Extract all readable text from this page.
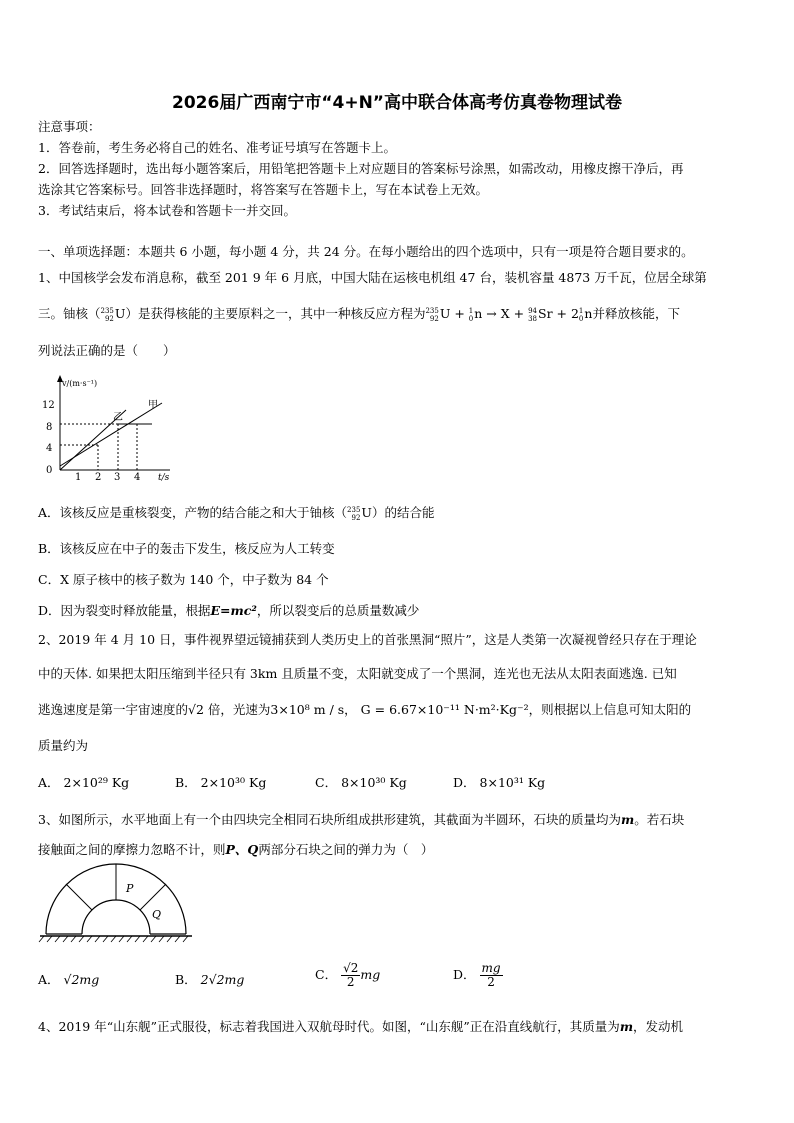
2026届广西南宁市“4+N”高中联合体高考仿真卷物理试卷
注意事项：
1．答卷前，考生务必将自己的姓名、准考证号填写在答题卡上。
2．回答选择题时，选出每小题答案后，用铅笔把答题卡上对应题目的答案标号涂黑，如需改动，用橡皮擦干净后，再
选涂其它答案标号。回答非选择题时，将答案写在答题卡上，写在本试卷上无效。
3．考试结束后，将本试卷和答题卡一并交回。
一、单项选择题：本题共 6 小题，每小题 4 分，共 24 分。在每小题给出的四个选项中，只有一项是符合题目要求的。
1、中国核学会发布消息称，截至 201 9 年 6 月底，中国大陆在运核电机组 47 台，装机容量 4873 万千瓦，位居全球第
三。铀核（235
92U）是获得核能的主要原料之一，其中一种核反应方程为235
92U + 1
0n → X + 94
38Sr + 21
0n并释放核能，下
列说法正确的是（　　）
v/(m·s⁻¹)
t/s
12
8
4
0
1 2 3 4
甲
乙
A．该核反应是重核裂变，产物的结合能之和大于铀核（235
92U）的结合能
B．该核反应在中子的轰击下发生，核反应为人工转变
C．X 原子核中的核子数为 140 个，中子数为 84 个
D．因为裂变时释放能量，根据E=mc²，所以裂变后的总质量数减少
2、2019 年 4 月 10 日，事件视界望远镜捕获到人类历史上的首张黑洞“照片”，这是人类第一次凝视曾经只存在于理论
中的天体. 如果把太阳压缩到半径只有 3km 且质量不变，太阳就变成了一个黑洞，连光也无法从太阳表面逃逸. 已知
逃逸速度是第一宇宙速度的√2 倍，光速为3×10⁸ m / s， G = 6.67×10⁻¹¹ N·m²·Kg⁻²，则根据以上信息可知太阳的
质量约为
A． 2×10²⁹ Kg	B． 2×10³⁰ Kg	C． 8×10³⁰ Kg	D． 8×10³¹ Kg
3、如图所示，水平地面上有一个由四块完全相同石块所组成拱形建筑，其截面为半圆环，石块的质量均为m。若石块
接触面之间的摩擦力忽略不计，则P、Q两部分石块之间的弹力为（　）
P
Q
A． √2mg	B． 2√2mg	C． $\frac{√2}{2}$ mg	D． $\frac{mg}{2}$
4、2019 年“山东舰”正式服役，标志着我国进入双航母时代。如图，“山东舰”正在沿直线航行，其质量为m，发动机
